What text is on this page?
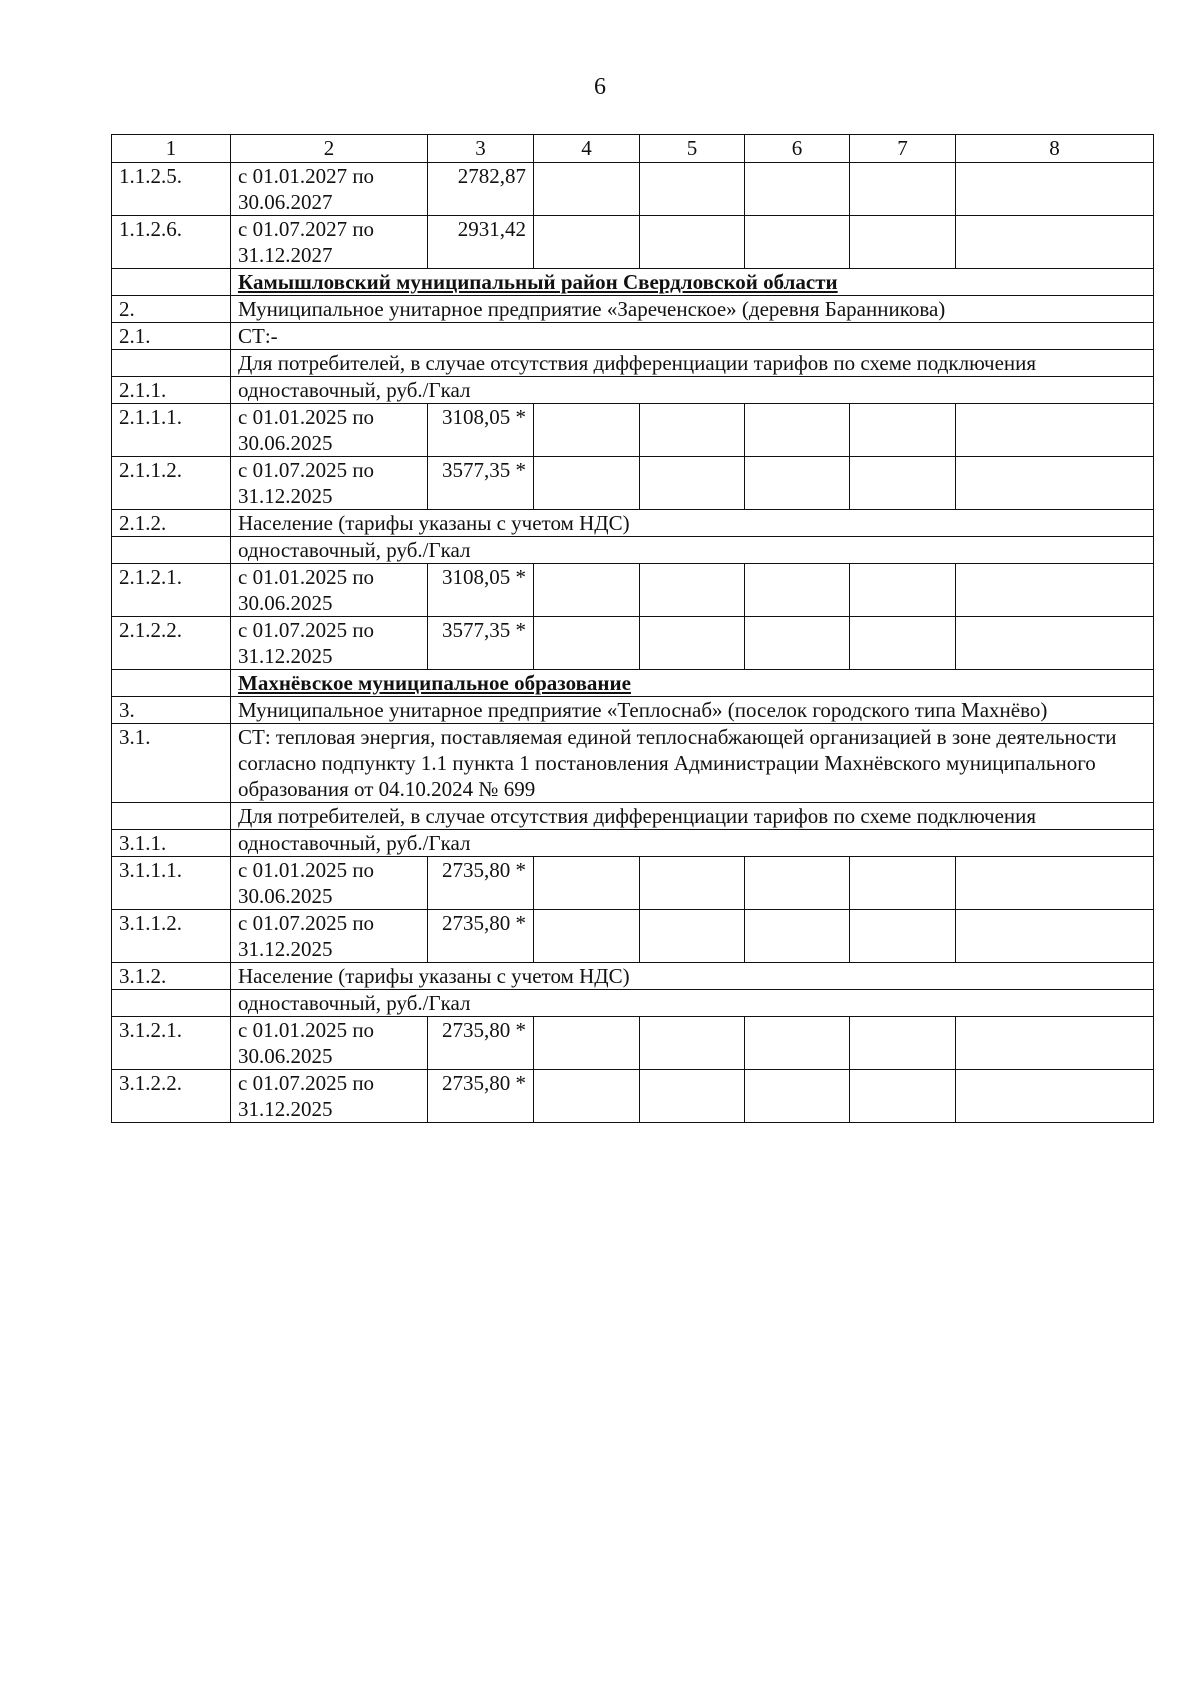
6
1	2	3	4	5	6	7	8
1.1.2.5.	с 01.01.2027 по 30.06.2027	2782,87					
1.1.2.6.	с 01.07.2027 по 31.12.2027	2931,42					
	Камышловский муниципальный район Свердловской области						
2.	Муниципальное унитарное предприятие «Зареченское» (деревня Баранникова)						
2.1.	СТ:-						
	Для потребителей, в случае отсутствия дифференциации тарифов по схеме подключения						
2.1.1.	одноставочный, руб./Гкал						
2.1.1.1.	с 01.01.2025 по 30.06.2025	3108,05 *					
2.1.1.2.	с 01.07.2025 по 31.12.2025	3577,35 *					
2.1.2.	Население (тарифы указаны с учетом НДС)						
	одноставочный, руб./Гкал						
2.1.2.1.	с 01.01.2025 по 30.06.2025	3108,05 *					
2.1.2.2.	с 01.07.2025 по 31.12.2025	3577,35 *					
	Махнёвское муниципальное образование						
3.	Муниципальное унитарное предприятие «Теплоснаб» (поселок городского типа Махнёво)						
3.1.	СТ: тепловая энергия, поставляемая единой теплоснабжающей организацией в зоне деятельности согласно подпункту 1.1 пункта 1 постановления Администрации Махнёвского муниципального образования от 04.10.2024 № 699						
	Для потребителей, в случае отсутствия дифференциации тарифов по схеме подключения						
3.1.1.	одноставочный, руб./Гкал						
3.1.1.1.	с 01.01.2025 по 30.06.2025	2735,80 *					
3.1.1.2.	с 01.07.2025 по 31.12.2025	2735,80 *					
3.1.2.	Население (тарифы указаны с учетом НДС)						
	одноставочный, руб./Гкал						
3.1.2.1.	с 01.01.2025 по 30.06.2025	2735,80 *					
3.1.2.2.	с 01.07.2025 по 31.12.2025	2735,80 *					
